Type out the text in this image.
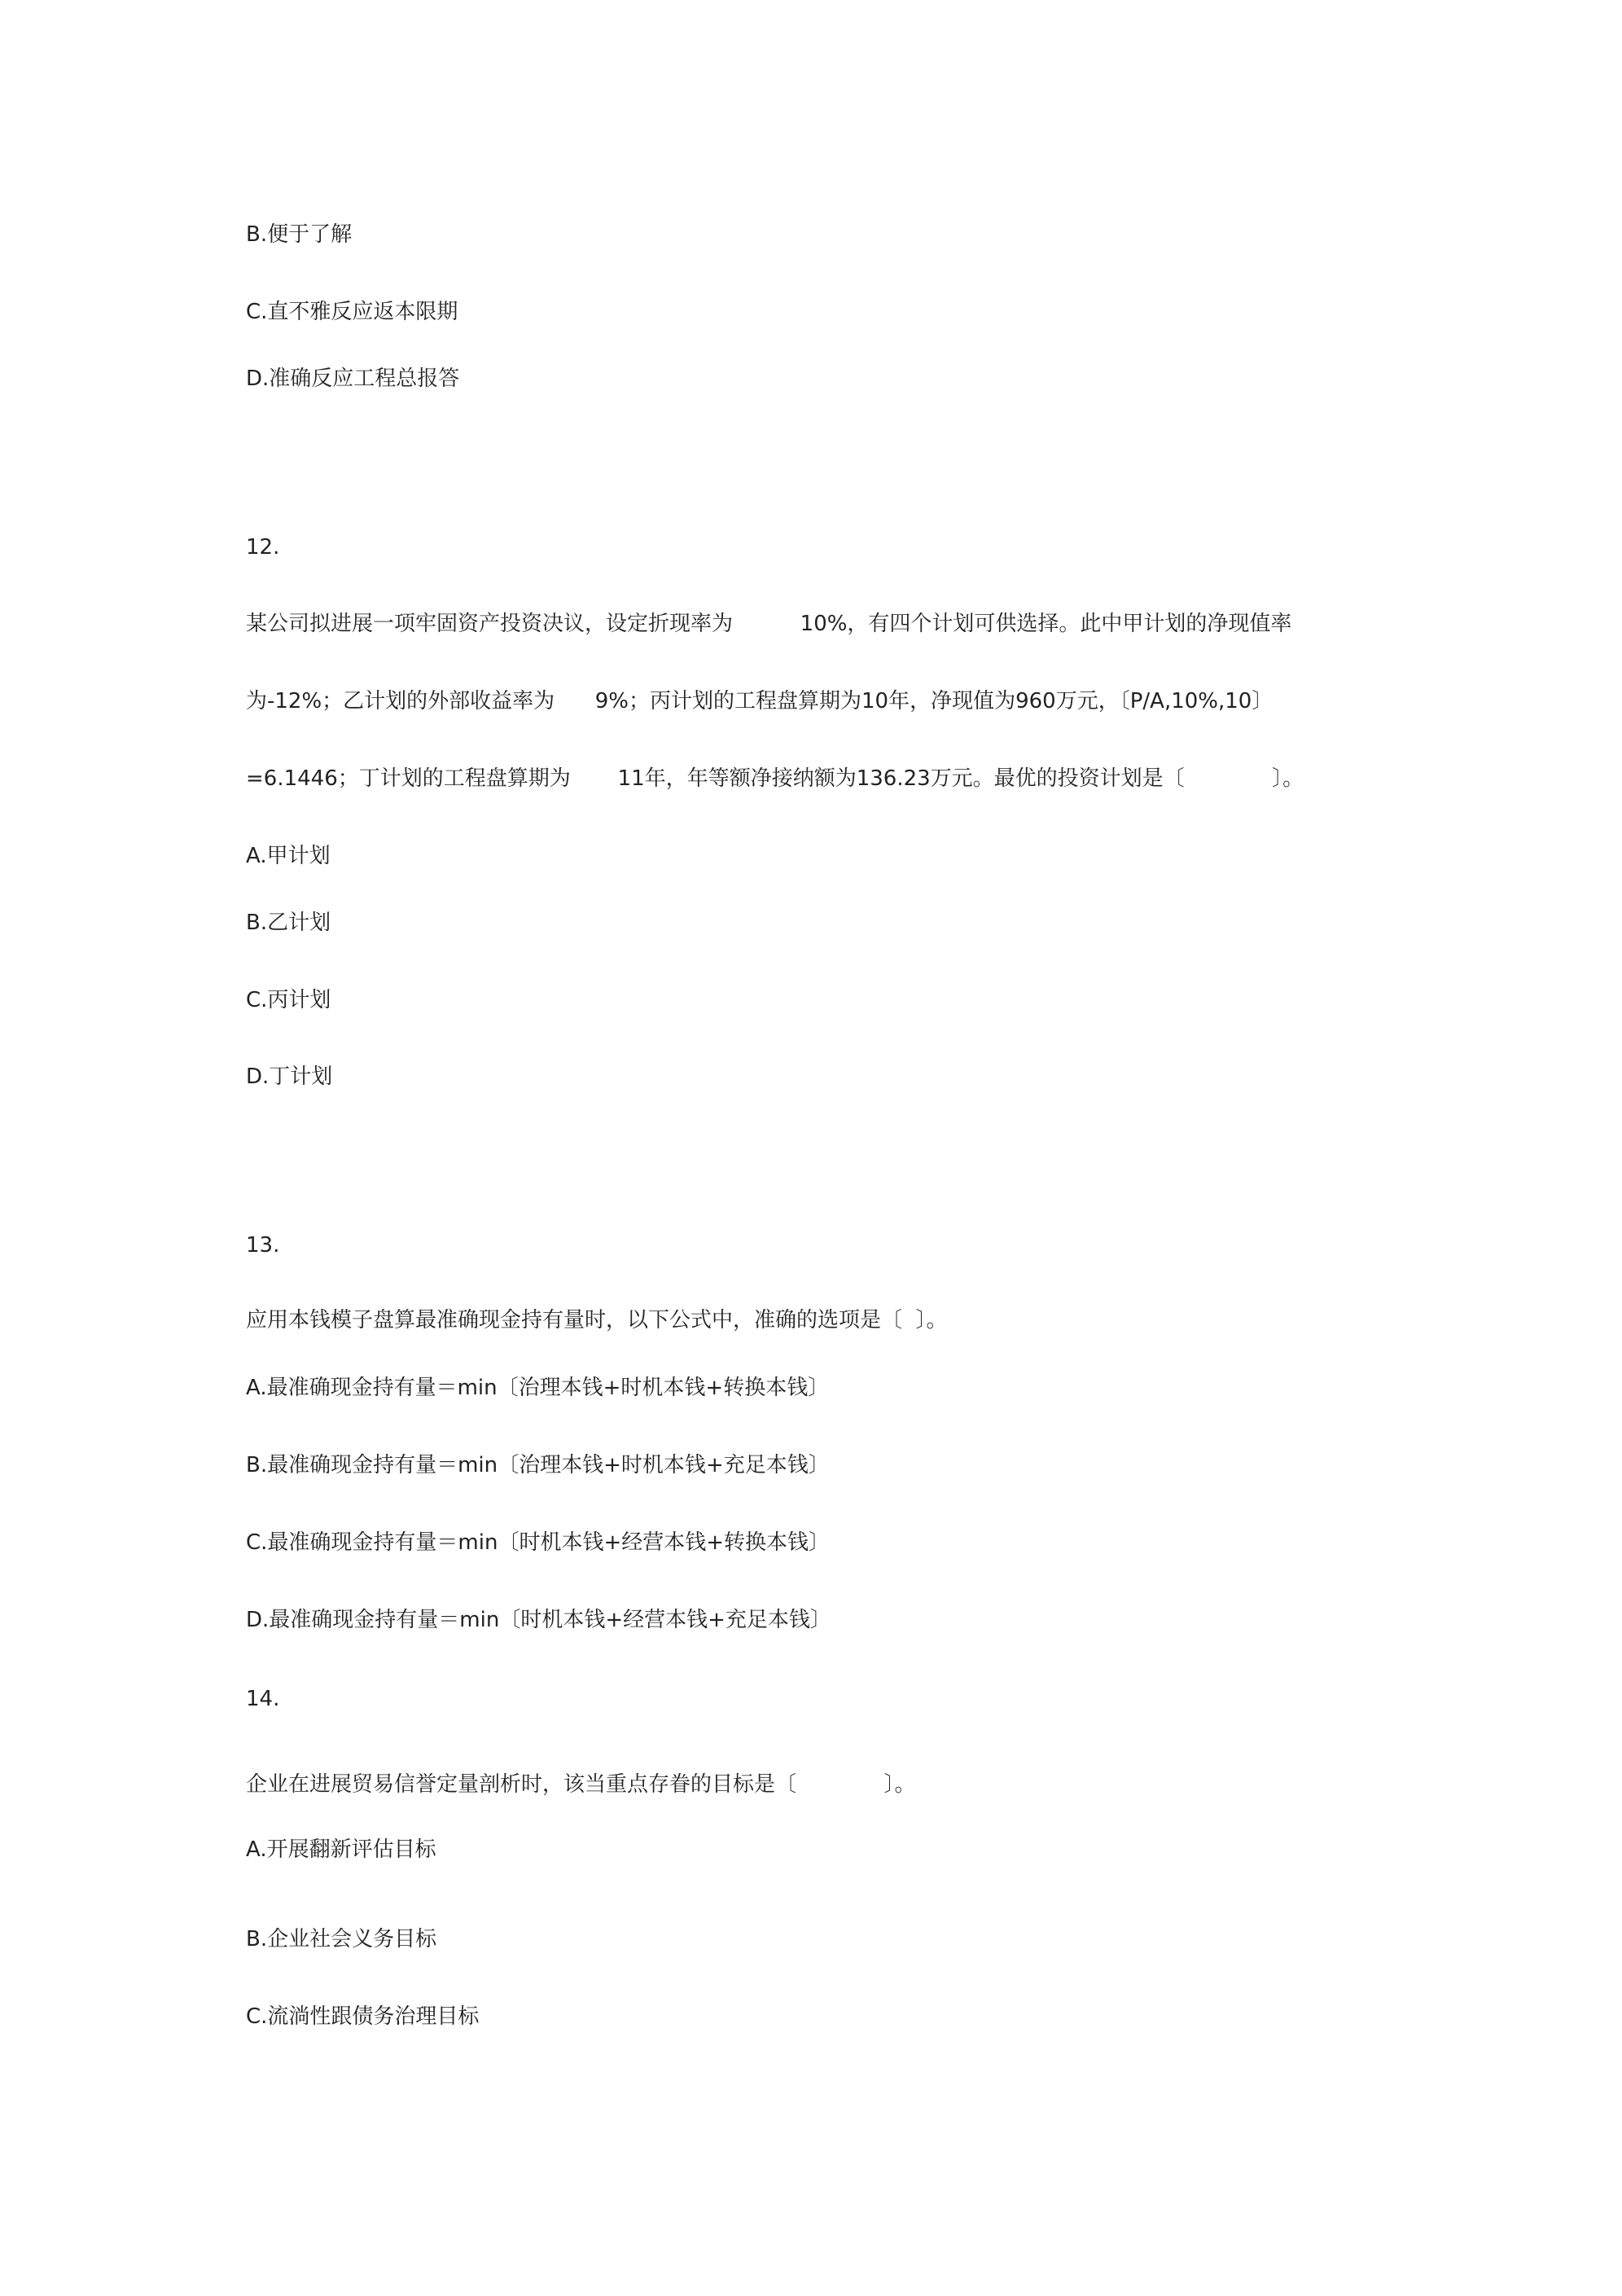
B.便于了解
C.直不雅反应返本限期
D.准确反应工程总报答
12.
某公司拟进展一项牢固资产投资决议，设定折现率为          10%，有四个计划可供选择。此中甲计划的净现值率
为-12%；乙计划的外部收益率为      9%；丙计划的工程盘算期为10年，净现值为960万元，〔P/A,10%,10〕
=6.1446；丁计划的工程盘算期为       11年，年等额净接纳额为136.23万元。最优的投资计划是〔             〕。
A.甲计划
B.乙计划
C.丙计划
D.丁计划
13.
应用本钱模子盘算最准确现金持有量时，以下公式中，准确的选项是〔  〕。
A.最准确现金持有量＝min〔治理本钱+时机本钱+转换本钱〕
B.最准确现金持有量＝min〔治理本钱+时机本钱+充足本钱〕
C.最准确现金持有量＝min〔时机本钱+经营本钱+转换本钱〕
D.最准确现金持有量＝min〔时机本钱+经营本钱+充足本钱〕
14.
企业在进展贸易信誉定量剖析时，该当重点存眷的目标是〔             〕。
A.开展翻新评估目标
B.企业社会义务目标
C.流淌性跟债务治理目标
